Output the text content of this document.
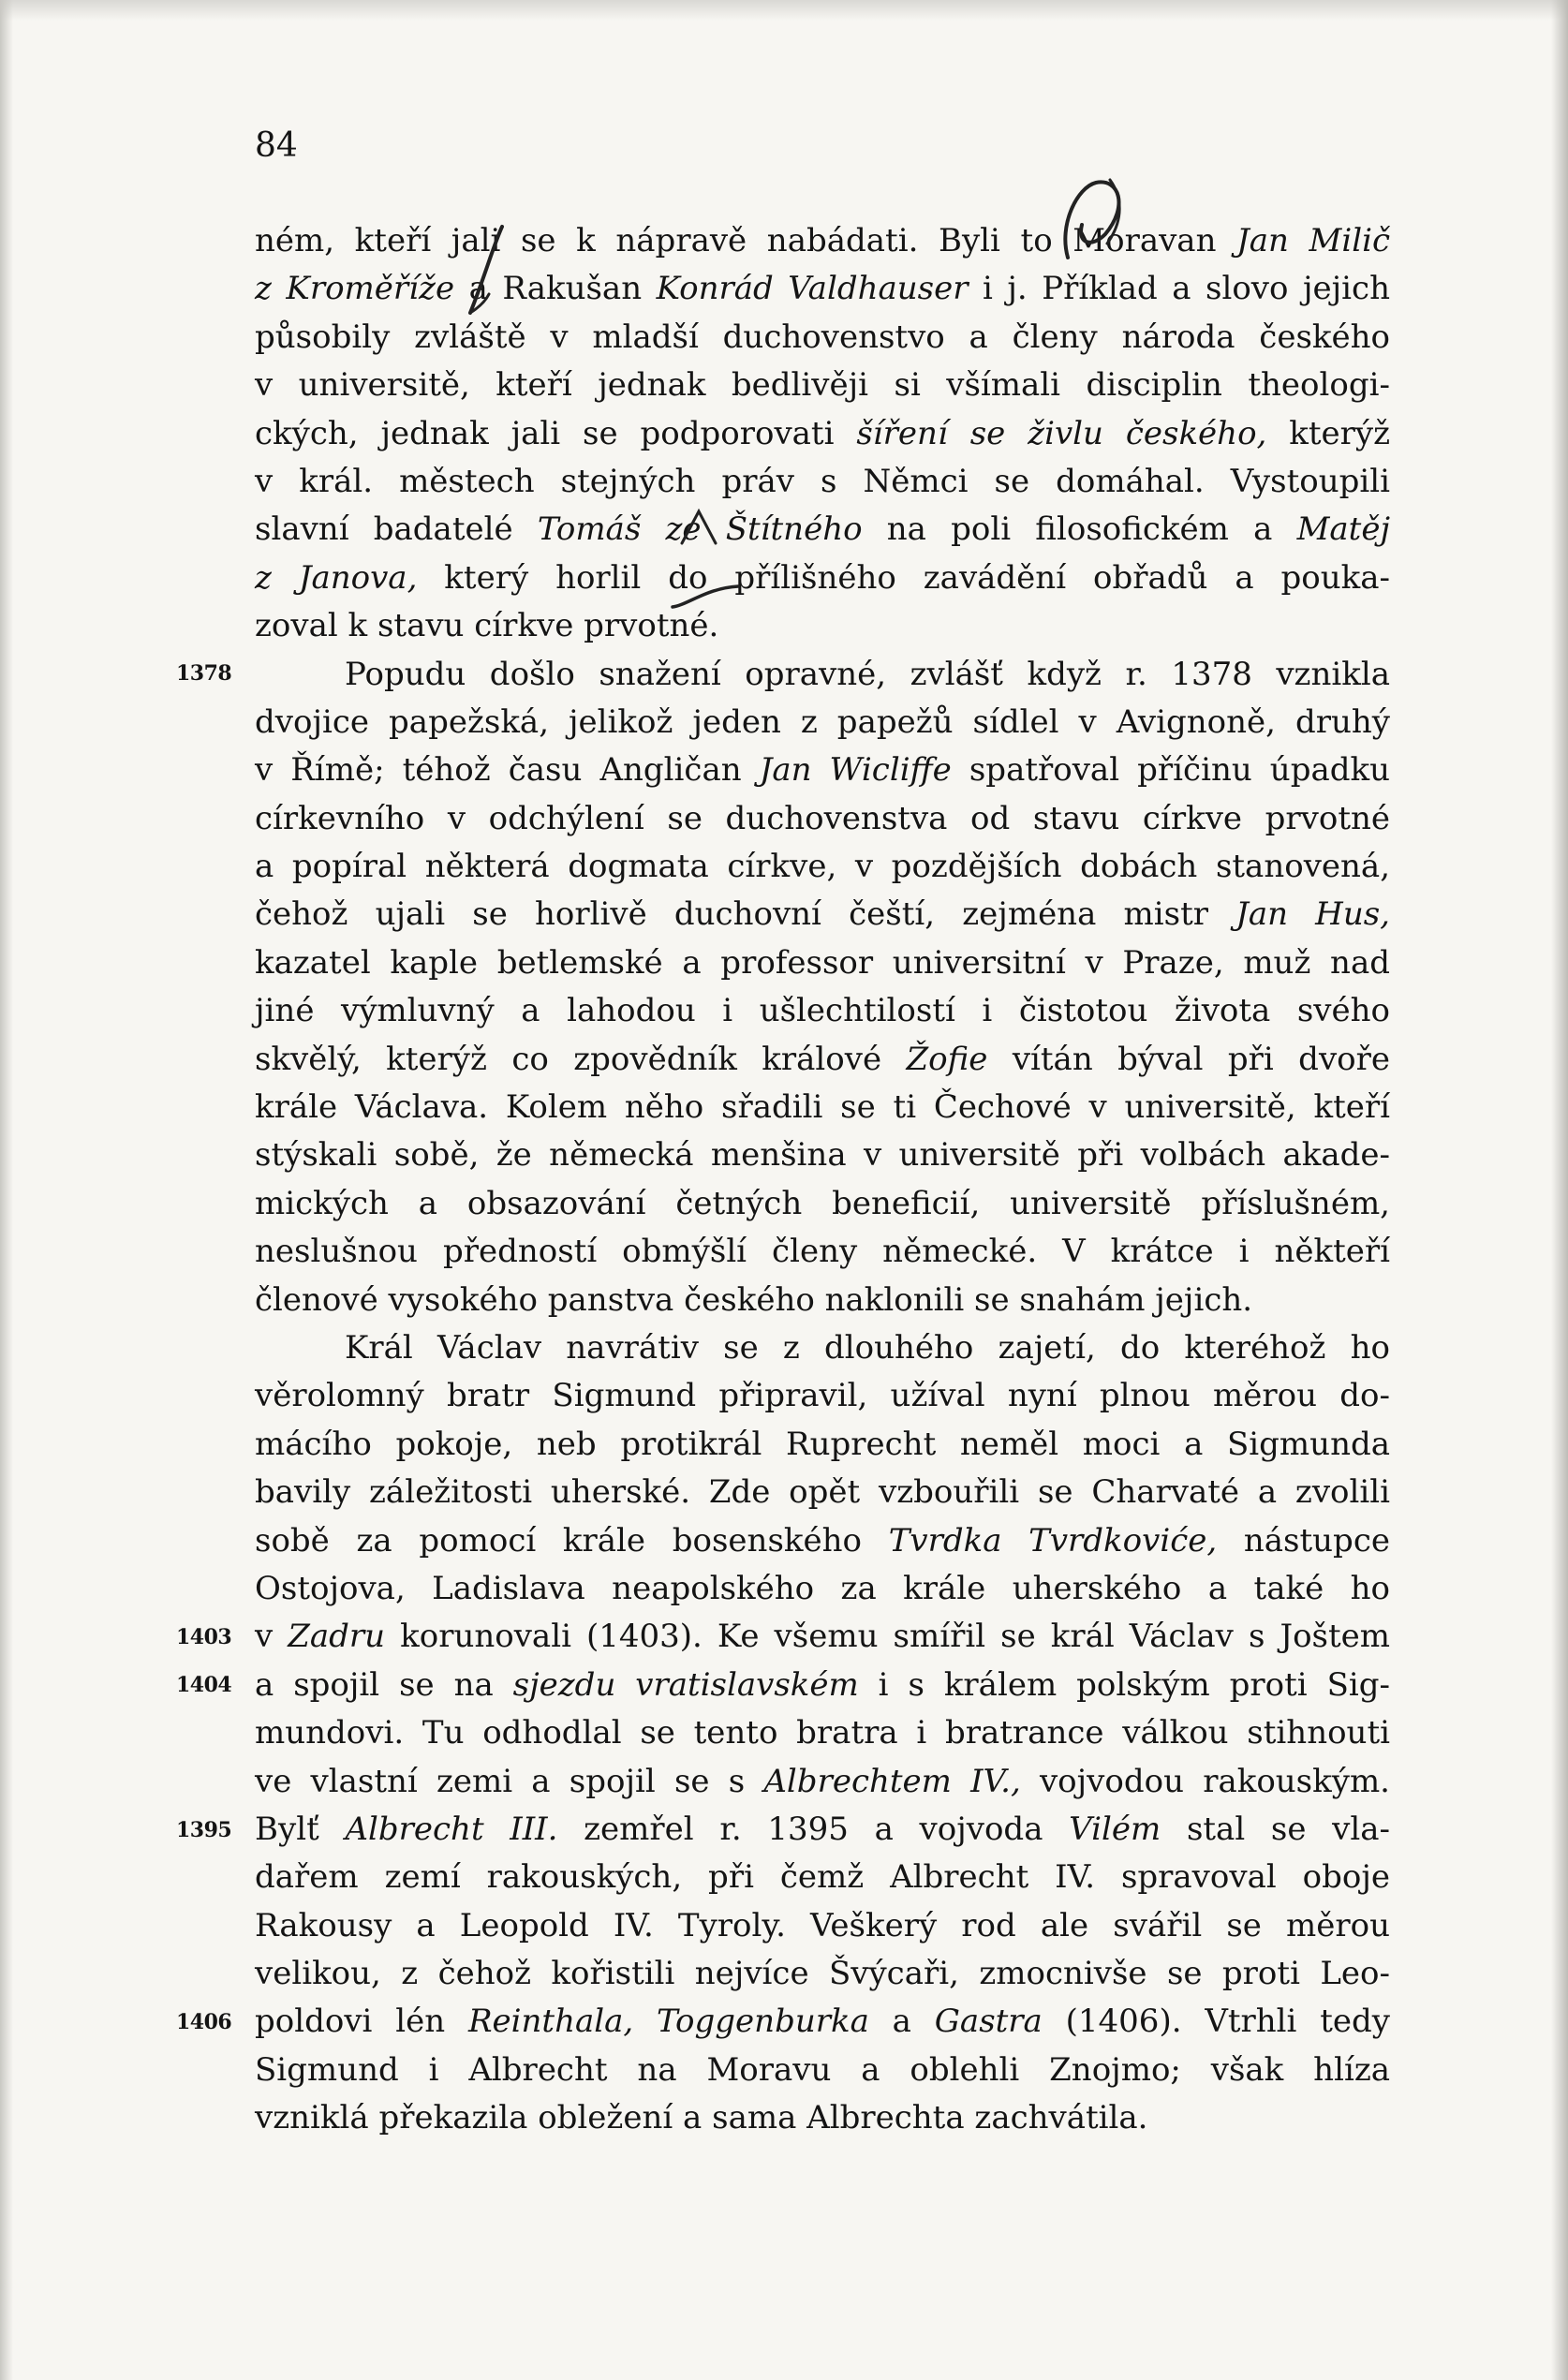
84
1378
1403
1404
1395
1406
ném, kteří jali se k nápravě nabádati. Byli to Moravan Jan Milič
z Kroměříže a Rakušan Konrád Valdhauser i j. Příklad a slovo jejich
působily zvláště v mladší duchovenstvo a členy národa českého
v universitě, kteří jednak bedlivěji si všímali disciplin theologi-
ckých, jednak jali se podporovati šíření se živlu českého, kterýž
v král. městech stejných práv s Němci se domáhal. Vystoupili
slavní badatelé Tomáš ze Štítného na poli filosofickém a Matěj
z Janova, který horlil do přílišného zavádění obřadů a pouka-
zoval k stavu církve prvotné.
Popudu došlo snažení opravné, zvlášť když r. 1378 vznikla
dvojice papežská, jelikož jeden z papežů sídlel v Avignoně, druhý
v Římě; téhož času Angličan Jan Wicliffe spatřoval příčinu úpadku
církevního v odchýlení se duchovenstva od stavu církve prvotné
a popíral některá dogmata církve, v pozdějších dobách stanovená,
čehož ujali se horlivě duchovní čeští, zejména mistr Jan Hus,
kazatel kaple betlemské a professor universitní v Praze, muž nad
jiné výmluvný a lahodou i ušlechtilostí i čistotou života svého
skvělý, kterýž co zpovědník králové Žofie vítán býval při dvoře
krále Václava. Kolem něho sřadili se ti Čechové v universitě, kteří
stýskali sobě, že německá menšina v universitě při volbách akade-
mických a obsazování četných beneficií, universitě příslušném,
neslušnou předností obmýšlí členy německé. V krátce i někteří
členové vysokého panstva českého naklonili se snahám jejich.
Král Václav navrátiv se z dlouhého zajetí, do kteréhož ho
věrolomný bratr Sigmund připravil, užíval nyní plnou měrou do-
mácího pokoje, neb protikrál Ruprecht neměl moci a Sigmunda
bavily záležitosti uherské. Zde opět vzbouřili se Charvaté a zvolili
sobě za pomocí krále bosenského Tvrdka Tvrdkoviće, nástupce
Ostojova, Ladislava neapolského za krále uherského a také ho
v Zadru korunovali (1403). Ke všemu smířil se král Václav s Joštem
a spojil se na sjezdu vratislavském i s králem polským proti Sig-
mundovi. Tu odhodlal se tento bratra i bratrance válkou stihnouti
ve vlastní zemi a spojil se s Albrechtem IV., vojvodou rakouským.
Bylť Albrecht III. zemřel r. 1395 a vojvoda Vilém stal se vla-
dařem zemí rakouských, při čemž Albrecht IV. spravoval oboje
Rakousy a Leopold IV. Tyroly. Veškerý rod ale svářil se měrou
velikou, z čehož kořistili nejvíce Švýcaři, zmocnivše se proti Leo-
poldovi lén Reinthala, Toggenburka a Gastra (1406). Vtrhli tedy
Sigmund i Albrecht na Moravu a oblehli Znojmo; však hlíza
vzniklá překazila obležení a sama Albrechta zachvátila.
